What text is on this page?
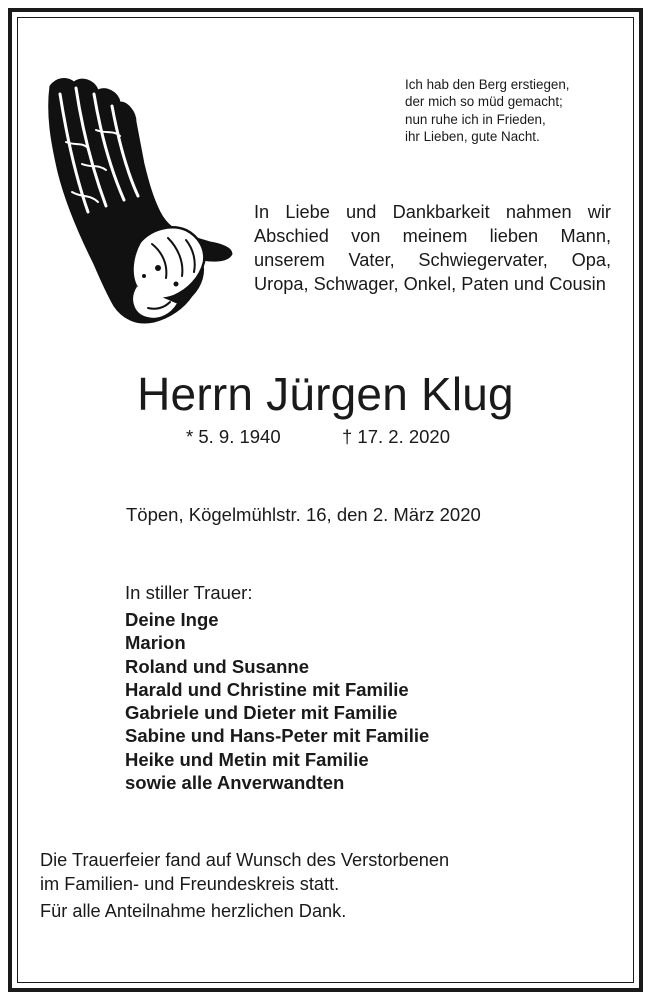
Ich hab den Berg erstiegen,
der mich so müd gemacht;
nun ruhe ich in Frieden,
ihr Lieben, gute Nacht.
In Liebe und Dankbarkeit nahmen wir Abschied von meinem lieben Mann, unserem Vater, Schwiegervater, Opa, Uropa, Schwager, Onkel, Paten und Cousin
Herrn Jürgen Klug
* 5. 9. 1940	† 17. 2. 2020
Töpen, Kögelmühlstr. 16, den 2. März 2020
In stiller Trauer:
Deine Inge
Marion
Roland und Susanne
Harald und Christine mit Familie
Gabriele und Dieter mit Familie
Sabine und Hans-Peter mit Familie
Heike und Metin mit Familie
sowie alle Anverwandten
Die Trauerfeier fand auf Wunsch des Verstorbenen
im Familien- und Freundeskreis statt.
Für alle Anteilnahme herzlichen Dank.
